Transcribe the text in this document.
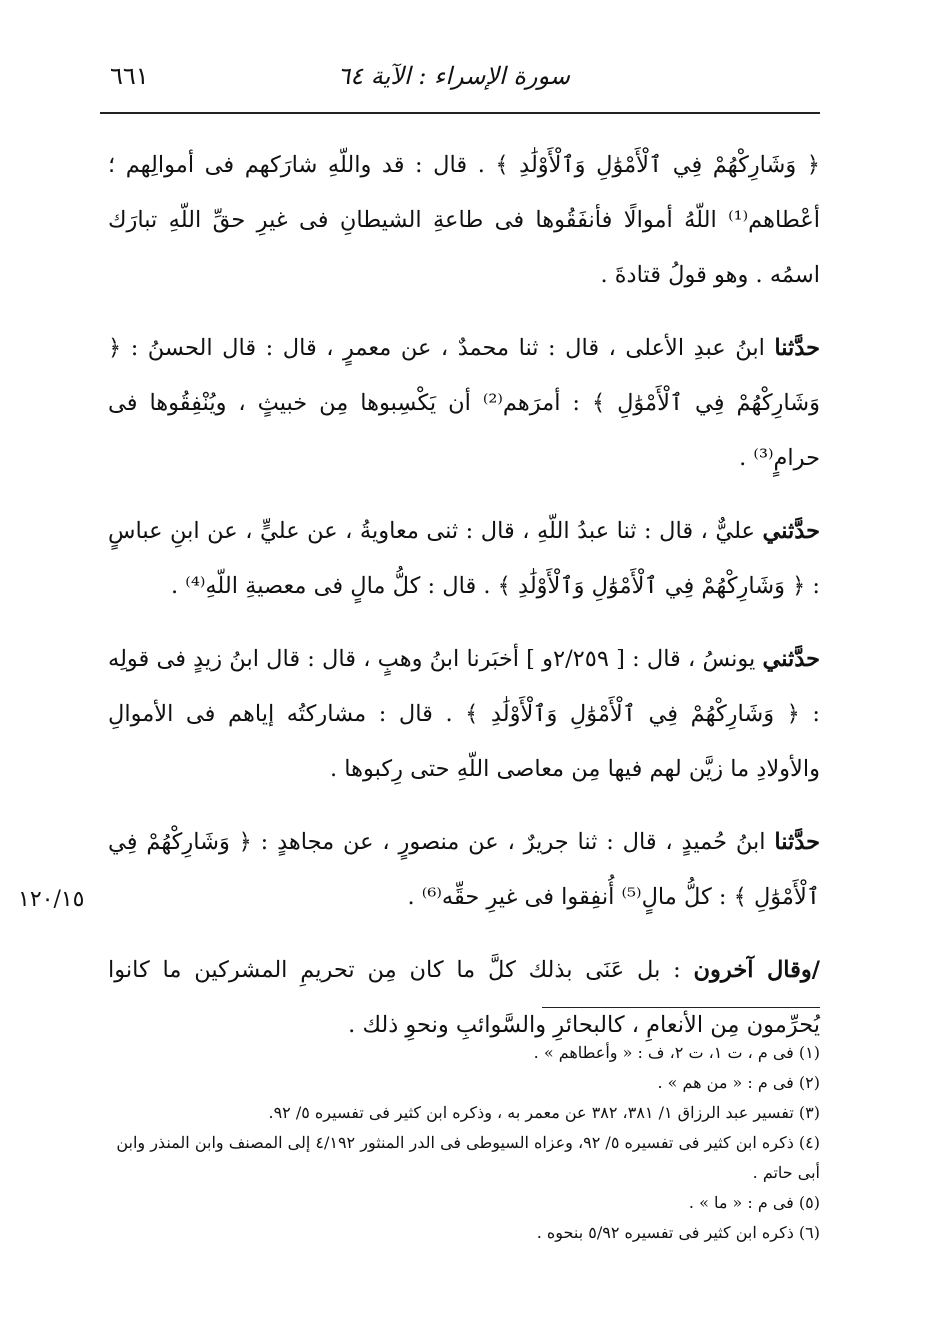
سورة الإسراء : الآية ٦٤
٦٦١

﴿ وَشَارِكْهُمْ فِي ٱلْأَمْوَٰلِ وَٱلْأَوْلَٰدِ ﴾ . قال : قد واللّهِ شارَكهم فى أموالِهم ؛ أعْطاهم⁽¹⁾ اللّهُ أموالًا فأنفَقُوها فى طاعةِ الشيطانِ فى غيرِ حقِّ اللّهِ تبارَك اسمُه . وهو قولُ قتادةَ .

حدَّثنا ابنُ عبدِ الأعلى ، قال : ثنا محمدٌ ، عن معمرٍ ، قال : قال الحسنُ : ﴿ وَشَارِكْهُمْ فِي ٱلْأَمْوَٰلِ ﴾ : أمرَهم⁽²⁾ أن يَكْسِبوها مِن خبيثٍ ، ويُنْفِقُوها فى حرامٍ⁽³⁾ .

حدَّثني عليٌّ ، قال : ثنا عبدُ اللّهِ ، قال : ثنى معاويةُ ، عن عليٍّ ، عن ابنِ عباسٍ : ﴿ وَشَارِكْهُمْ فِي ٱلْأَمْوَٰلِ وَٱلْأَوْلَٰدِ ﴾ . قال : كلُّ مالٍ فى معصيةِ اللّهِ⁽⁴⁾ .

حدَّثني يونسُ ، قال : [ ٢/٢٥٩و ] أخبَرنا ابنُ وهبٍ ، قال : قال ابنُ زيدٍ فى قولِه : ﴿ وَشَارِكْهُمْ فِي ٱلْأَمْوَٰلِ وَٱلْأَوْلَٰدِ ﴾ . قال : مشاركتُه إياهم فى الأموالِ والأولادِ ما زيَّن لهم فيها مِن معاصى اللّهِ حتى رِكبوها .

حدَّثنا ابنُ حُميدٍ ، قال : ثنا جريرٌ ، عن منصورٍ ، عن مجاهدٍ : ﴿ وَشَارِكْهُمْ فِي ٱلْأَمْوَٰلِ ﴾ : كلُّ مالٍ⁽⁵⁾ أُنفِقوا فى غيرِ حقِّه⁽⁶⁾ .

/وقال آخرون : بل عَنَى بذلك كلَّ ما كان مِن تحريمِ المشركين ما كانوا يُحرِّمون مِن الأنعامِ ، كالبحائرِ والسَّوائبِ ونحوِ ذلك .

١٢٠/١٥

(١) فى م ، ت ١، ت ٢، ف : « وأعطاهم » .

(٢) فى م : « من هم » .

(٣) تفسير عبد الرزاق ١/ ٣٨١، ٣٨٢ عن معمر به ، وذكره ابن كثير فى تفسيره ٥/ ٩٢.

(٤) ذكره ابن كثير فى تفسيره ٥/ ٩٢، وعزاه السيوطى فى الدر المنثور ٤/١٩٢ إلى المصنف وابن المنذر وابن أبى حاتم .

(٥) فى م : « ما » .

(٦) ذكره ابن كثير فى تفسيره ٥/٩٢ بنحوه .
